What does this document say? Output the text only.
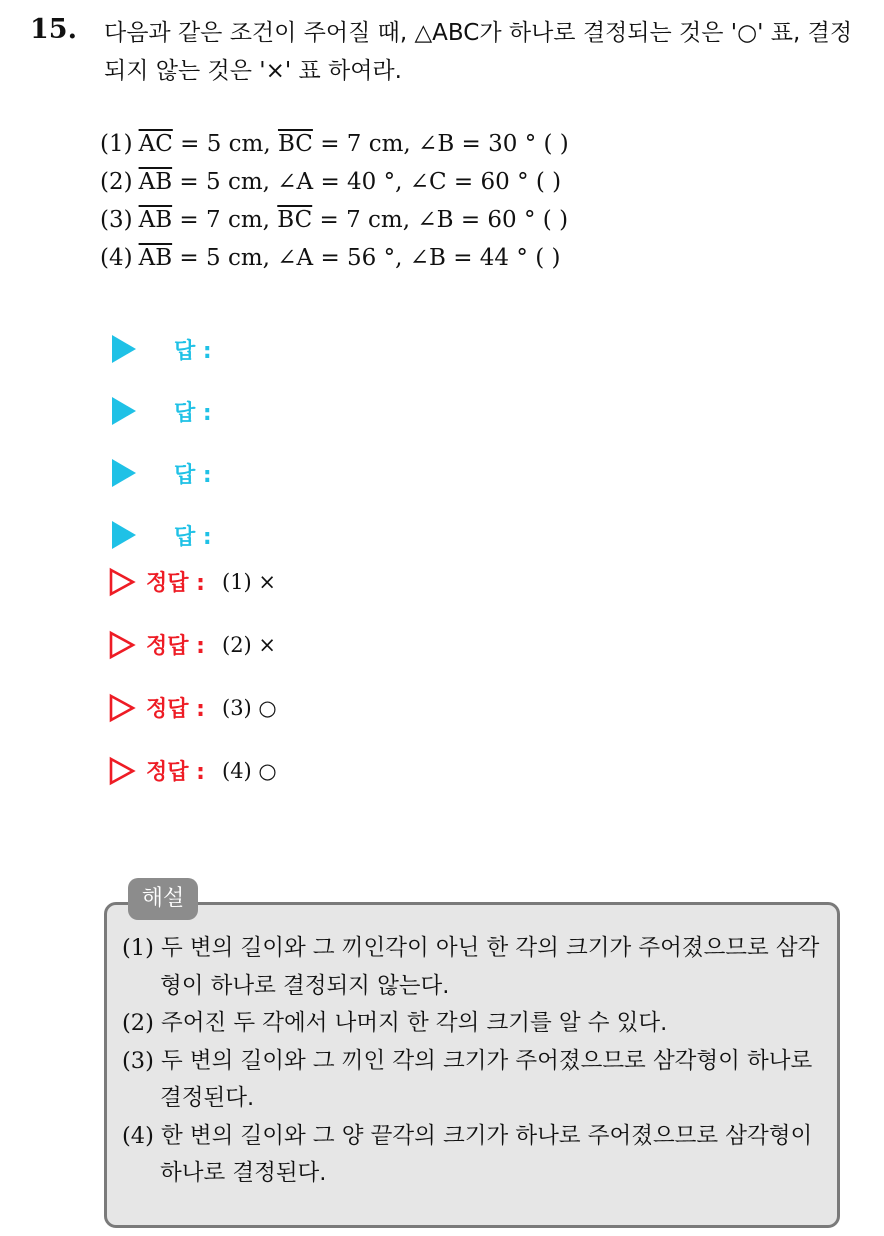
15. 다음과 같은 조건이 주어질 때, △ABC가 하나로 결정되는 것은 '○' 표, 결정되지 않는 것은 '×' 표 하여라.
(1) $\overline{AC} = 5$ cm, $\overline{BC} = 7$ cm, ∠B = 30 ° ( )
(2) $\overline{AB} = 5$ cm, ∠A = 40 °, ∠C = 60 ° ( )
(3) $\overline{AB} = 7$ cm, $\overline{BC} = 7$ cm, ∠B = 60 ° ( )
(4) $\overline{AB} = 5$ cm, ∠A = 56 °, ∠B = 44 ° ( )
답 :
답 :
답 :
답 :
정답 : (1) ×
정답 : (2) ×
정답 : (3) ○
정답 : (4) ○
해설
(1) 두 변의 길이와 그 끼인각이 아닌 한 각의 크기가 주어졌으므로 삼각형이 하나로 결정되지 않는다.
(2) 주어진 두 각에서 나머지 한 각의 크기를 알 수 있다.
(3) 두 변의 길이와 그 끼인 각의 크기가 주어졌으므로 삼각형이 하나로 결정된다.
(4) 한 변의 길이와 그 양 끝각의 크기가 하나로 주어졌으므로 삼각형이 하나로 결정된다.
